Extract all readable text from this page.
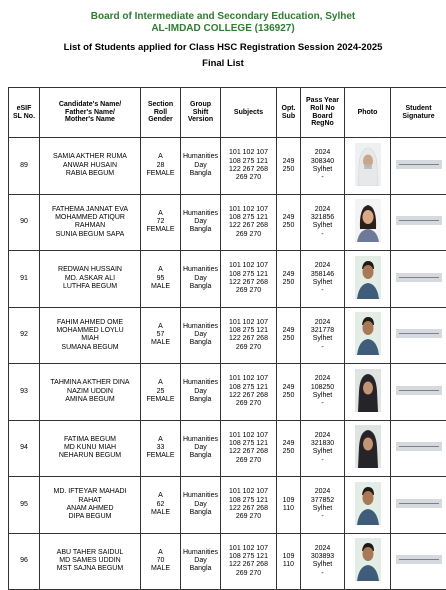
Board of Intermediate and Secondary Education, Sylhet
AL-IMDAD COLLEGE (136927)
List of Students applied for Class HSC Registration Session 2024-2025
Final List
eSIF
SL No.	Candidate's Name/
Father's Name/
Mother's Name	Section
Roll
Gender	Group
Shift
Version	Subjects	Opt.
Sub	Pass Year
Roll No
Board
RegNo	Photo	Student
Signature
89	SAMIA AKTHER RUMA
ANWAR HUSAIN
RABIA BEGUM	A
28
FEMALE	Humanities
Day
Bangla	101 102 107
108 275 121
122 267 268
269 270	249
250	2024
308340
Sylhet
-	

90	FATHEMA JANNAT EVA
MOHAMMED ATIQUR
RAHMAN
SUNIA BEGUM SAPA	A
72
FEMALE	Humanities
Day
Bangla	101 102 107
108 275 121
122 267 268
269 270	249
250	2024
321856
Sylhet
-	

91	REDWAN HUSSAIN
MD. ASKAR ALI
LUTHFA BEGUM	A
95
MALE	Humanities
Day
Bangla	101 102 107
108 275 121
122 267 268
269 270	249
250	2024
358146
Sylhet
-	

92	FAHIM AHMED OME
MOHAMMED LOYLU
MIAH
SUMANA BEGUM	A
57
MALE	Humanities
Day
Bangla	101 102 107
108 275 121
122 267 268
269 270	249
250	2024
321778
Sylhet
-	

93	TAHMINA AKTHER DINA
NAZIM UDDIN
AMINA BEGUM	A
25
FEMALE	Humanities
Day
Bangla	101 102 107
108 275 121
122 267 268
269 270	249
250	2024
108250
Sylhet
-	

94	FATIMA BEGUM
MD KUNU MIAH
NEHARUN BEGUM	A
33
FEMALE	Humanities
Day
Bangla	101 102 107
108 275 121
122 267 268
269 270	249
250	2024
321830
Sylhet
-	

95	MD. IFTEYAR MAHADI
RAHAT
ANAM AHMED
DIPA BEGUM	A
62
MALE	Humanities
Day
Bangla	101 102 107
108 275 121
122 267 268
269 270	109
110	2024
377852
Sylhet
-	

96	ABU TAHER SAIDUL
MD SAMES UDDIN
MST SAJNA BEGUM	A
70
MALE	Humanities
Day
Bangla	101 102 107
108 275 121
122 267 268
269 270	109
110	2024
303893
Sylhet
-	
